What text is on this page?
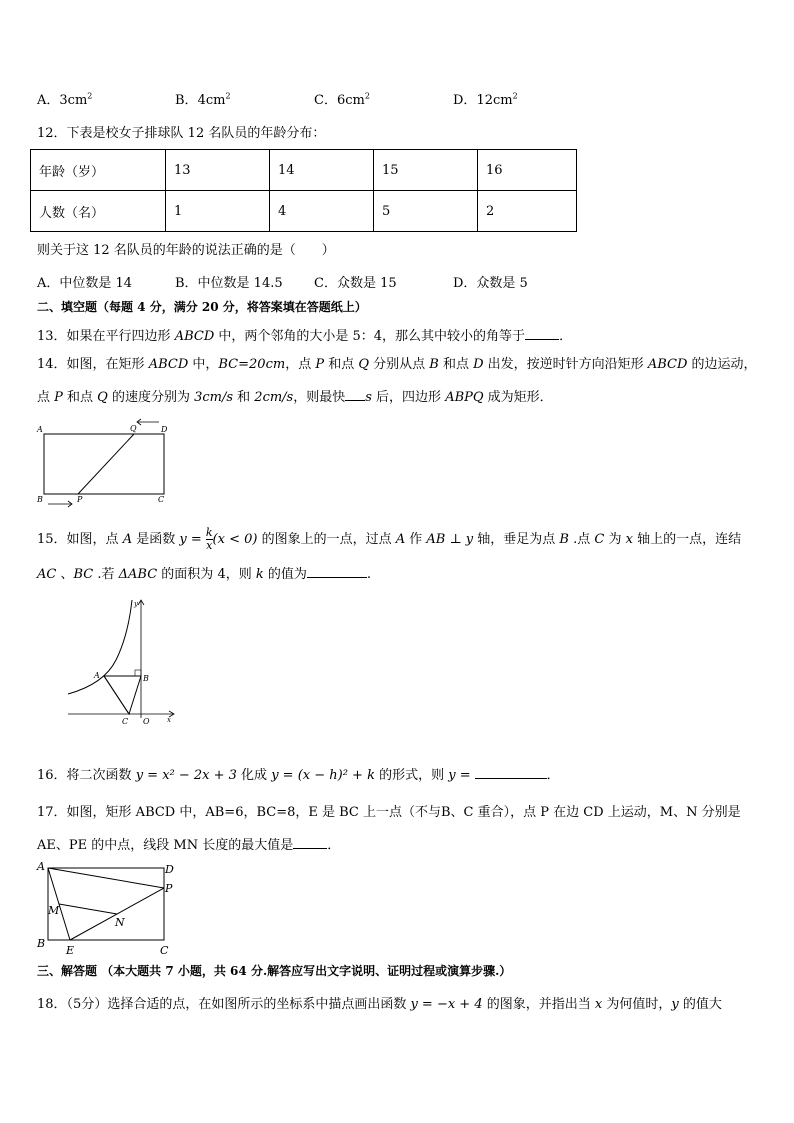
A．$3cm^2$	B．$4cm^2$	C．$6cm^2$	D．$12cm^2$
12．下表是校女子排球队 12 名队员的年龄分布：
年龄（岁）	13	14	15	16
人数（名）	1	4	5	2
则关于这 12 名队员的年龄的说法正确的是（　　）
A．中位数是 14	B．中位数是 14.5 C．众数是 15	D．众数是 5
二、填空题（每题 4 分，满分 20 分，将答案填在答题纸上）
13．如果在平行四边形 ABCD 中，两个邻角的大小是 5：4，那么其中较小的角等于	．
14．如图，在矩形 ABCD 中，BC=20cm，点 P 和点 Q 分别从点 B 和点 D 出发，按逆时针方向沿矩形 ABCD 的边运动，
点 P 和点 Q 的速度分别为 3cm/s 和 2cm/s，则最快 s 后，四边形 ABPQ 成为矩形．
A	Q	D
B	P	C
15．如图，点 A 是函数 $y = \frac{k}{x} (x < 0)$ 的图象上的一点，过点 A 作 AB ⊥ y 轴，垂足为点 B .点 C 为 x 轴上的一点，连结
AC 、BC .若 ΔABC 的面积为 4，则 k 的值为	.
y
A	B
C O x
16．将二次函数 y = x² − 2x + 3 化成 y = (x − h)² + k 的形式，则 y =	．
17．如图，矩形 ABCD 中，AB=6，BC=8，E 是 BC 上一点（不与B、C 重合），点 P 在边 CD 上运动，M、N 分别是
AE、PE 的中点，线段 MN 长度的最大值是	．
A	D
P
M
N
B
E	C
三、解答题 （本大题共 7 小题，共 64 分.解答应写出文字说明、证明过程或演算步骤.）
18．（5分）选择合适的点，在如图所示的坐标系中描点画出函数 y = −x + 4 的图象，并指出当 x 为何值时，y 的值大
